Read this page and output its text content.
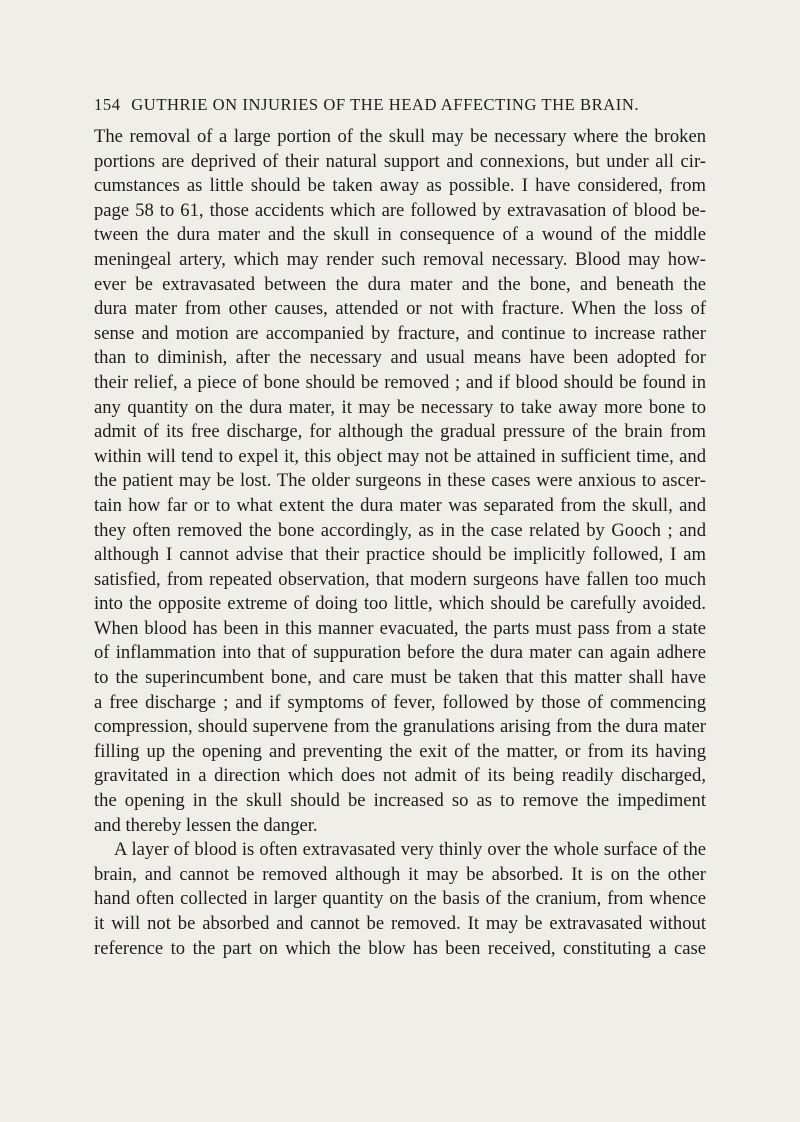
154 GUTHRIE ON INJURIES OF THE HEAD AFFECTING THE BRAIN.
The removal of a large portion of the skull may be necessary where the broken
portions are deprived of their natural support and connexions, but under all cir-
cumstances as little should be taken away as possible. I have considered, from
page 58 to 61, those accidents which are followed by extravasation of blood be-
tween the dura mater and the skull in consequence of a wound of the middle
meningeal artery, which may render such removal necessary. Blood may how-
ever be extravasated between the dura mater and the bone, and beneath the
dura mater from other causes, attended or not with fracture. When the loss of
sense and motion are accompanied by fracture, and continue to increase rather
than to diminish, after the necessary and usual means have been adopted for
their relief, a piece of bone should be removed ; and if blood should be found in
any quantity on the dura mater, it may be necessary to take away more bone to
admit of its free discharge, for although the gradual pressure of the brain from
within will tend to expel it, this object may not be attained in sufficient time, and
the patient may be lost. The older surgeons in these cases were anxious to ascer-
tain how far or to what extent the dura mater was separated from the skull, and
they often removed the bone accordingly, as in the case related by Gooch ; and
although I cannot advise that their practice should be implicitly followed, I am
satisfied, from repeated observation, that modern surgeons have fallen too much
into the opposite extreme of doing too little, which should be carefully avoided.
When blood has been in this manner evacuated, the parts must pass from a state
of inflammation into that of suppuration before the dura mater can again adhere
to the superincumbent bone, and care must be taken that this matter shall have
a free discharge ; and if symptoms of fever, followed by those of commencing
compression, should supervene from the granulations arising from the dura mater
filling up the opening and preventing the exit of the matter, or from its having
gravitated in a direction which does not admit of its being readily discharged,
the opening in the skull should be increased so as to remove the impediment
and thereby lessen the danger.
A layer of blood is often extravasated very thinly over the whole surface of the
brain, and cannot be removed although it may be absorbed. It is on the other
hand often collected in larger quantity on the basis of the cranium, from whence
it will not be absorbed and cannot be removed. It may be extravasated without
reference to the part on which the blow has been received, constituting a case
